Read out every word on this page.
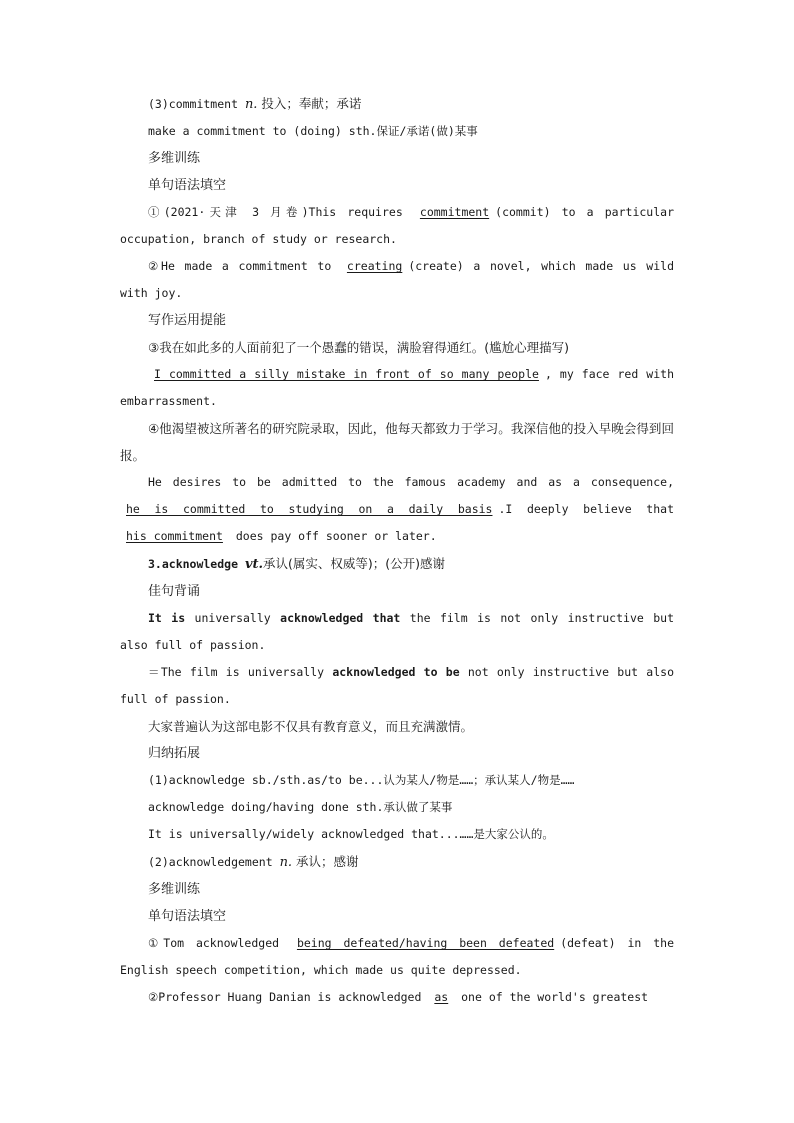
(3)commitment n. 投入；奉献；承诺

make a commitment to (doing) sth.保证/承诺(做)某事

多维训练

单句语法填空

①(2021·天津 3 月卷)This requires commitment (commit) to a particular occupation, branch of study or research.

②He made a commitment to creating (create) a novel, which made us wild with joy.

写作运用提能

③我在如此多的人面前犯了一个愚蠢的错误，满脸窘得通红。(尴尬心理描写)

I committed a silly mistake in front of so many people , my face red with embarrassment.

④他渴望被这所著名的研究院录取，因此，他每天都致力于学习。我深信他的投入早晚会得到回报。

He desires to be admitted to the famous academy and as a consequence, he is committed to studying on a daily basis .I deeply believe that his commitment does pay off sooner or later.

3.acknowledge vt.承认(属实、权威等)；(公开)感谢

佳句背诵

It is universally acknowledged that the film is not only instructive but also full of passion.

＝The film is universally acknowledged to be not only instructive but also full of passion.

大家普遍认为这部电影不仅具有教育意义，而且充满激情。

归纳拓展

(1)acknowledge sb./sth.as/to be...认为某人/物是……；承认某人/物是……

acknowledge doing/having done sth.承认做了某事

It is universally/widely acknowledged that...……是大家公认的。

(2)acknowledgement n. 承认；感谢

多维训练

单句语法填空

①Tom acknowledged being defeated/having been defeated (defeat) in the English speech competition, which made us quite depressed.

②Professor Huang Danian is acknowledged as one of the world's greatest
